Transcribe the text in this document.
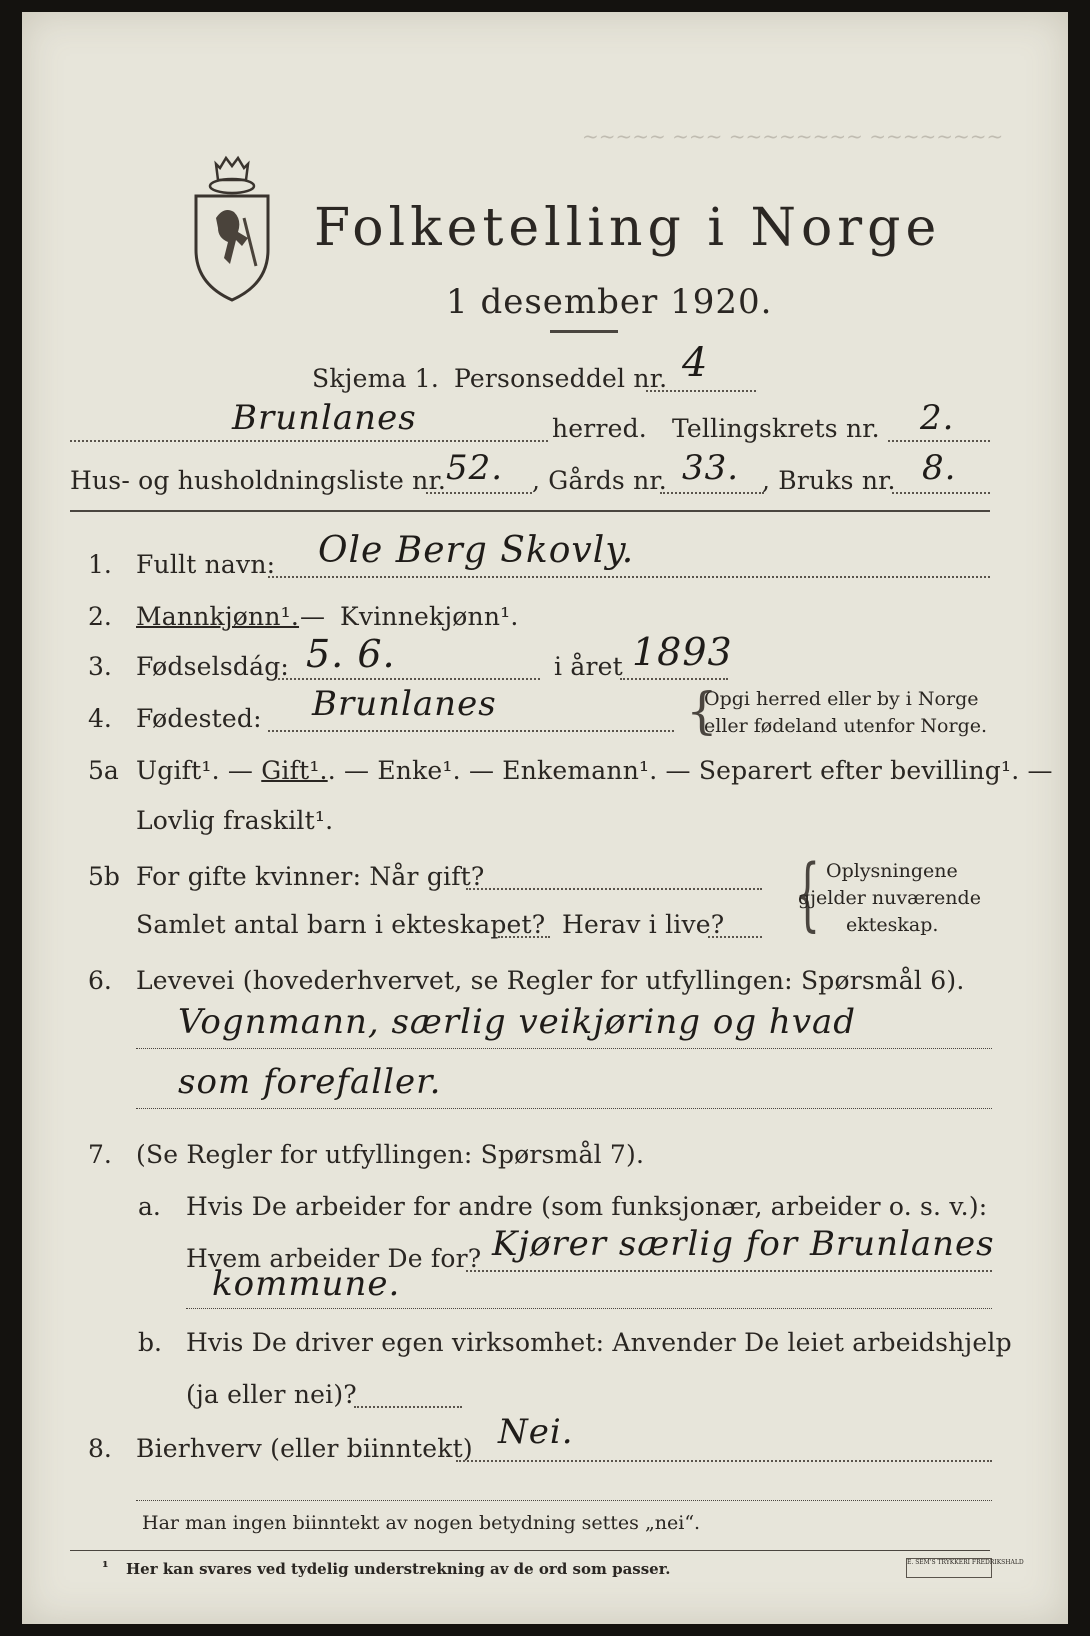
~~~~~ ~~~ ~~~~~~~~ ~~~~~~~~
Folketelling i Norge
1 desember 1920.
Skjema 1. Personseddel nr. 4
Brunlanes	herred. Tellingskrets nr. 2.
Hus- og husholdningsliste nr. 52. , Gårds nr. 33. , Bruks nr. 8.
1. Fullt navn: Ole Berg Skovly.
2. Mannkjønn¹. — Kvinnekjønn¹.
3. Fødselsdág: 5. 6.	i året 1893
4. Fødested: Brunlanes	{
Opgi herred eller by i Norge
eller fødeland utenfor Norge.
5a Ugift¹. — Gift¹.. — Enke¹. — Enkemann¹. — Separert efter bevilling¹. —
Lovlig fraskilt¹.
5b For gifte kvinner: Når gift?
Samlet antal barn i ekteskapet? Herav i live? { Oplysningene
gjelder nuværende
ekteskap.
6. Levevei (hovederhvervet, se Regler for utfyllingen: Spørsmål 6).
Vognmann, særlig veikjøring og hvad
som forefaller.
7. (Se Regler for utfyllingen: Spørsmål 7).
a. Hvis De arbeider for andre (som funksjonær, arbeider o. s. v.):
Hvem arbeider De for? Kjører særlig for Brunlanes
kommune.
b. Hvis De driver egen virksomhet: Anvender De leiet arbeidshjelp
(ja eller nei)?
8. Bierhverv (eller biinntekt) Nei.
Har man ingen biinntekt av nogen betydning settes „nei“.
¹ Her kan svares ved tydelig understrekning av de ord som passer.	E. SEM'S TRYKKERI FREDRIKSHALD
